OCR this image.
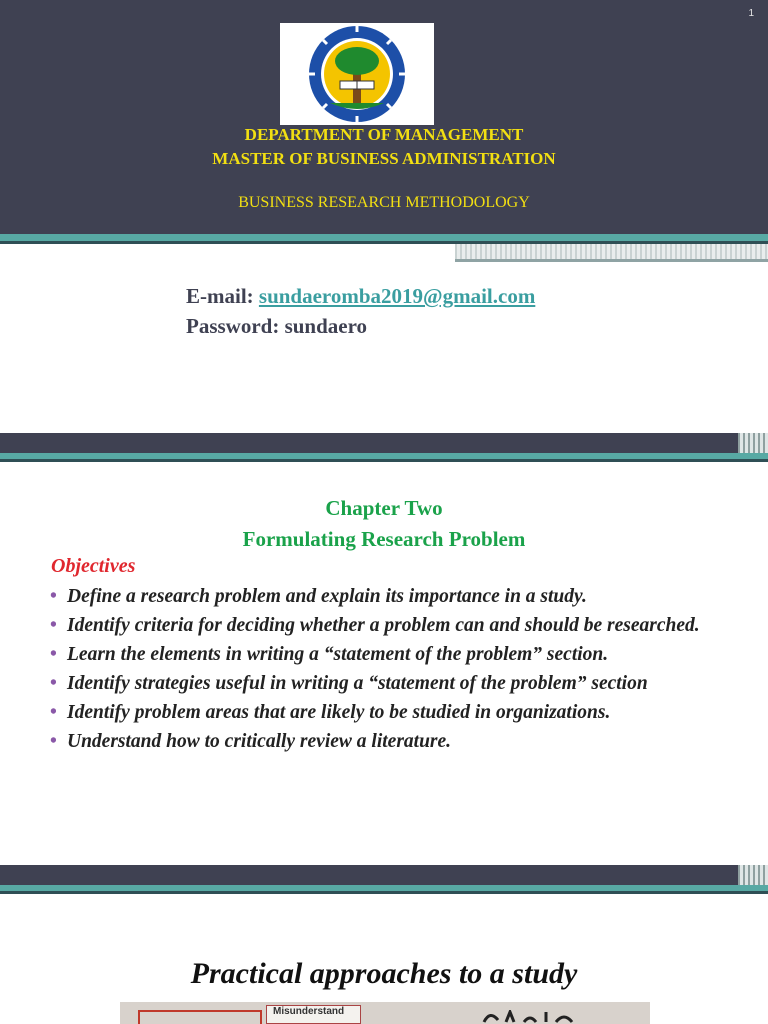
1
DEPARTMENT OF MANAGEMENT
MASTER OF BUSINESS ADMINISTRATION
BUSINESS RESEARCH METHODOLOGY
E-mail: sundaeromba2019@gmail.com
Password: sundaero
Chapter Two
Formulating Research Problem
Objectives
• Define a research problem and explain its importance in a study.
• Identify criteria for deciding whether a problem can and should be researched.
• Learn the elements in writing a “statement of the problem” section.
• Identify strategies useful in writing a “statement of the problem” section
• Identify problem areas that are likely to be studied in organizations.
• Understand how to critically review a literature.
Practical approaches to a study
Misunderstand
